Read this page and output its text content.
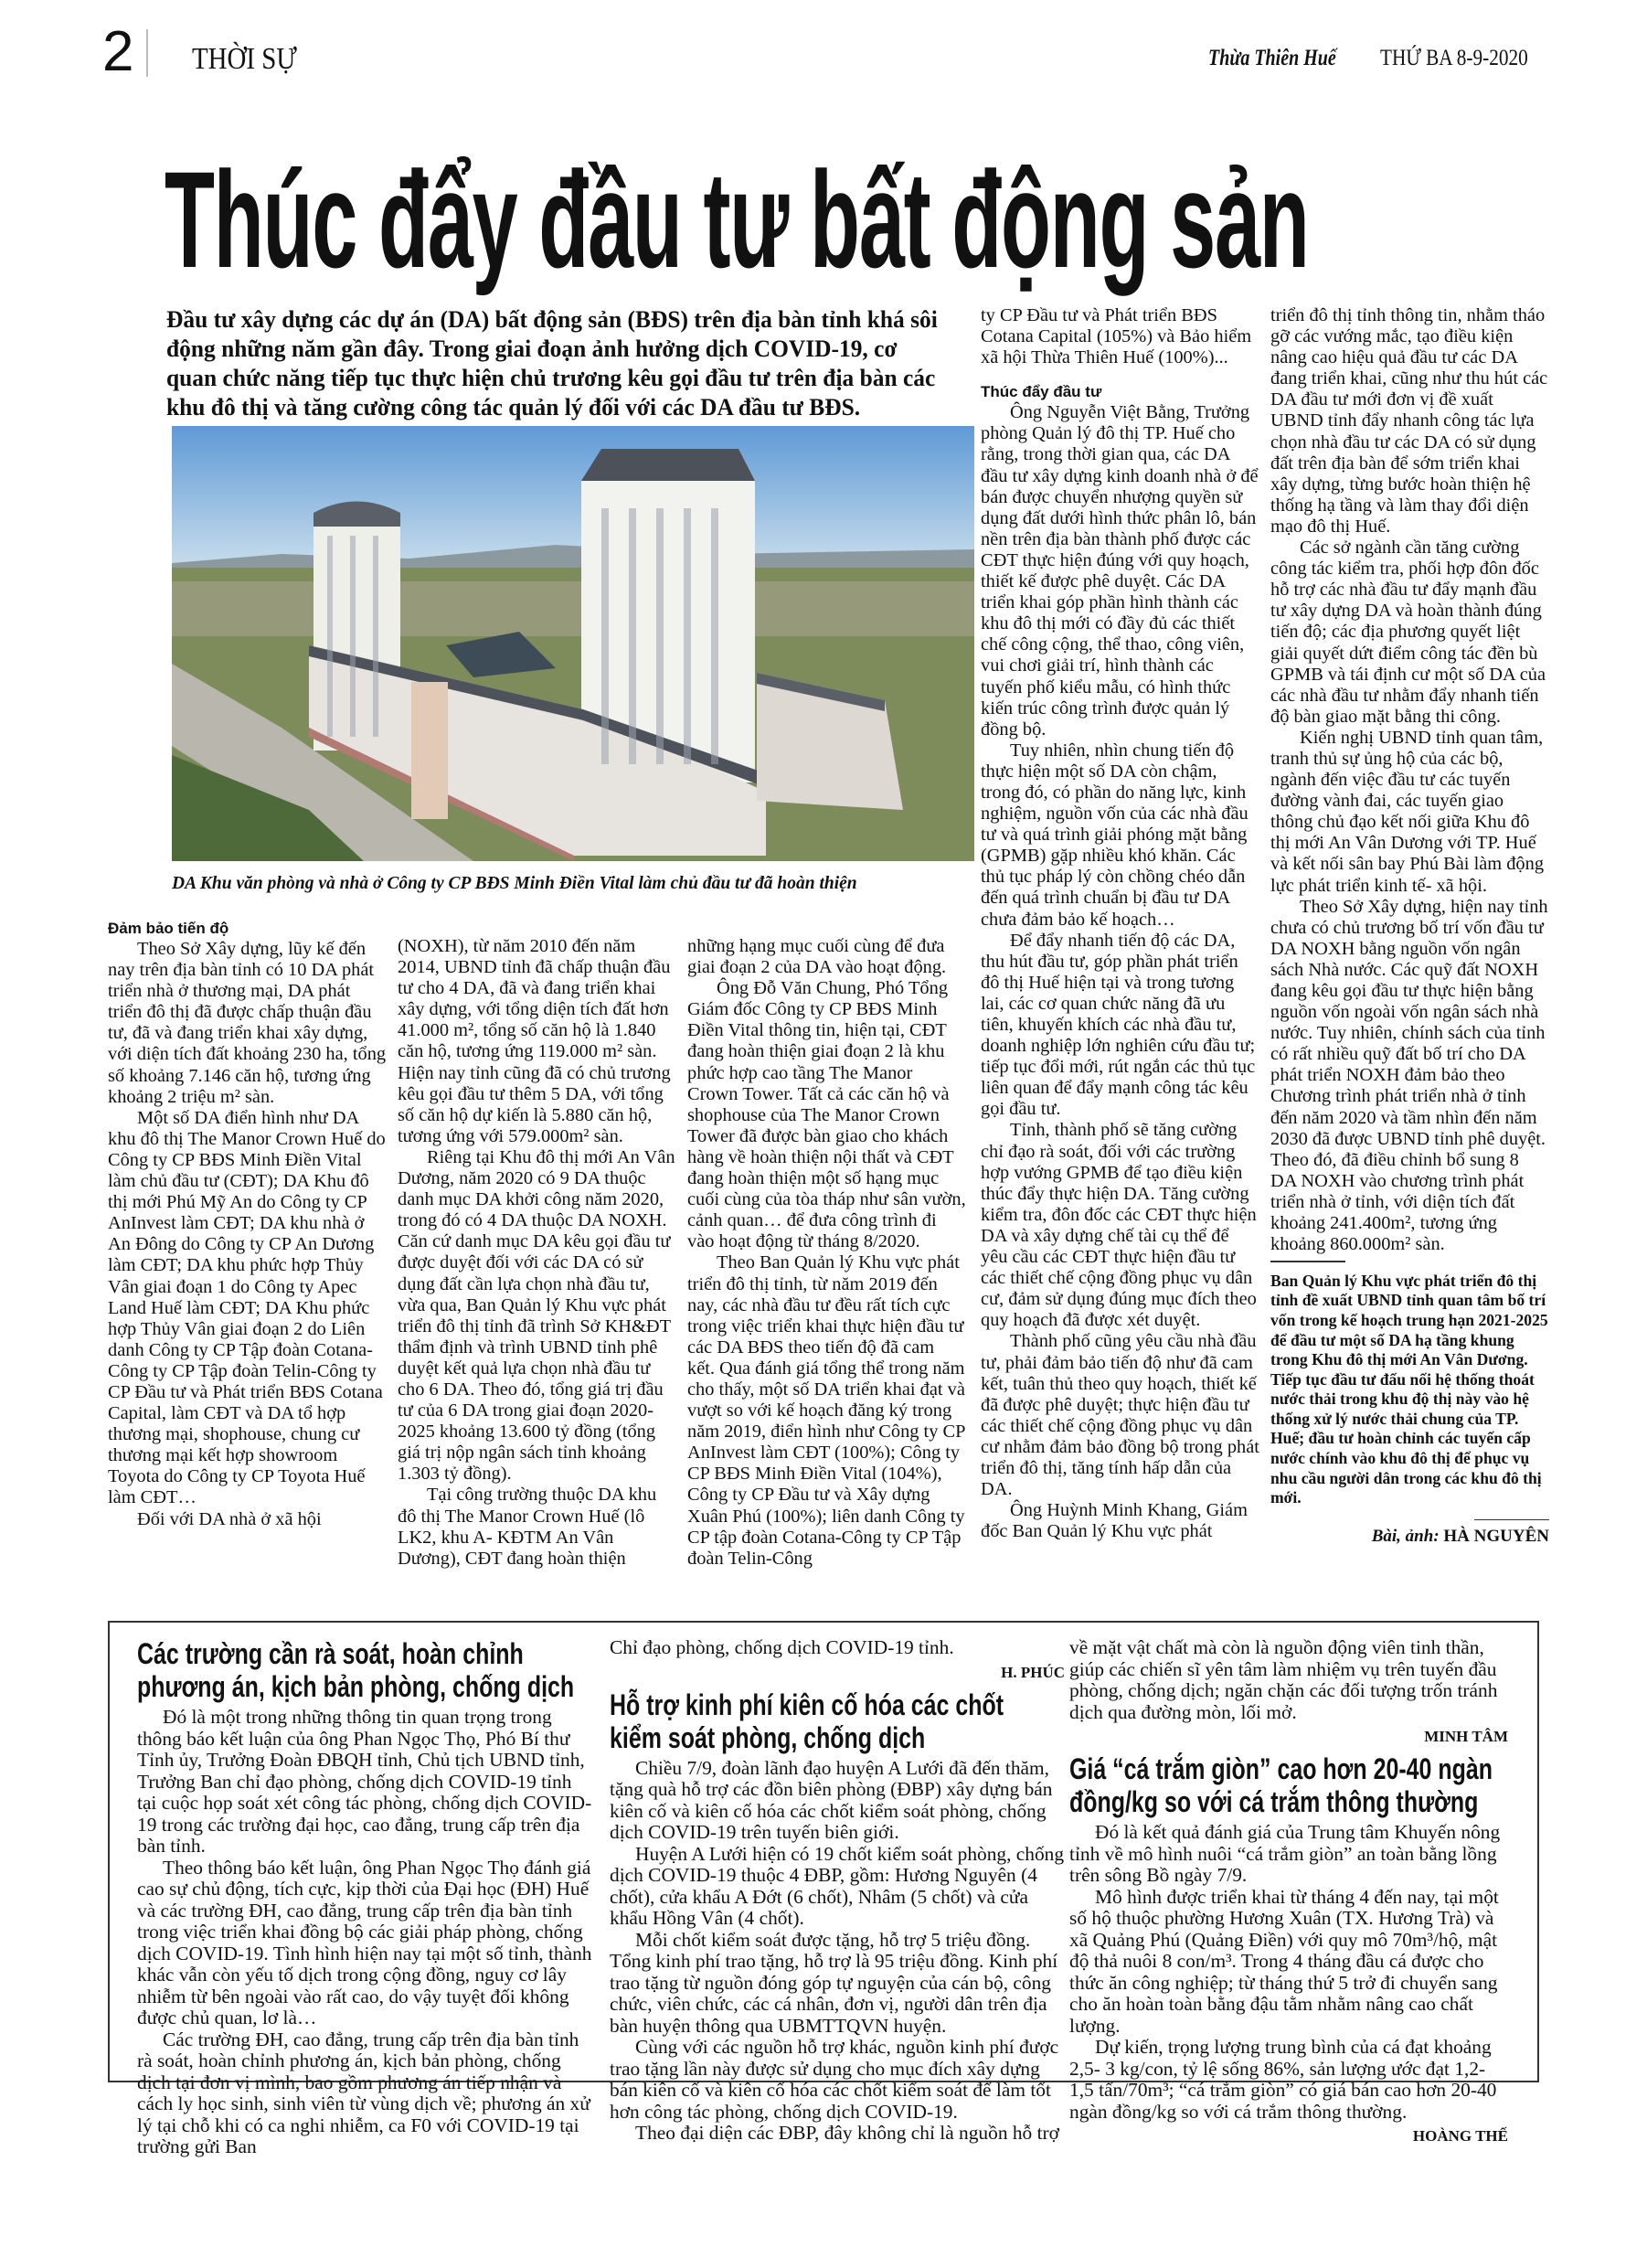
2 THỜI SỰ	Thừa Thiên Huế THỨ BA 8-9-2020
Thúc đẩy đầu tư bất động sản
Đầu tư xây dựng các dự án (DA) bất động sản (BĐS) trên địa bàn tỉnh khá sôi động những năm gần đây. Trong giai đoạn ảnh hưởng dịch COVID-19, cơ quan chức năng tiếp tục thực hiện chủ trương kêu gọi đầu tư trên địa bàn các khu đô thị và tăng cường công tác quản lý đối với các DA đầu tư BĐS.
DA Khu văn phòng và nhà ở Công ty CP BĐS Minh Điền Vital làm chủ đầu tư đã hoàn thiện

Đảm bảo tiến độ

Theo Sở Xây dựng, lũy kế đến nay trên địa bàn tỉnh có 10 DA phát triển nhà ở thương mại, DA phát triển đô thị đã được chấp thuận đầu tư, đã và đang triển khai xây dựng, với diện tích đất khoảng 230 ha, tổng số khoảng 7.146 căn hộ, tương ứng khoảng 2 triệu m² sàn.

Một số DA điển hình như DA khu đô thị The Manor Crown Huế do Công ty CP BĐS Minh Điền Vital làm chủ đầu tư (CĐT); DA Khu đô thị mới Phú Mỹ An do Công ty CP AnInvest làm CĐT; DA khu nhà ở An Đông do Công ty CP An Dương làm CĐT; DA khu phức hợp Thủy Vân giai đoạn 1 do Công ty Apec Land Huế làm CĐT; DA Khu phức hợp Thủy Vân giai đoạn 2 do Liên danh Công ty CP Tập đoàn Cotana-Công ty CP Tập đoàn Telin-Công ty CP Đầu tư và Phát triển BĐS Cotana Capital, làm CĐT và DA tổ hợp thương mại, shophouse, chung cư thương mại kết hợp showroom Toyota do Công ty CP Toyota Huế làm CĐT…

Đối với DA nhà ở xã hội

(NOXH), từ năm 2010 đến năm 2014, UBND tỉnh đã chấp thuận đầu tư cho 4 DA, đã và đang triển khai xây dựng, với tổng diện tích đất hơn 41.000 m², tổng số căn hộ là 1.840 căn hộ, tương ứng 119.000 m² sàn. Hiện nay tỉnh cũng đã có chủ trương kêu gọi đầu tư thêm 5 DA, với tổng số căn hộ dự kiến là 5.880 căn hộ, tương ứng với 579.000m² sàn.

Riêng tại Khu đô thị mới An Vân Dương, năm 2020 có 9 DA thuộc danh mục DA khởi công năm 2020, trong đó có 4 DA thuộc DA NOXH. Căn cứ danh mục DA kêu gọi đầu tư được duyệt đối với các DA có sử dụng đất cần lựa chọn nhà đầu tư, vừa qua, Ban Quản lý Khu vực phát triển đô thị tỉnh đã trình Sở KH&ĐT thẩm định và trình UBND tỉnh phê duyệt kết quả lựa chọn nhà đầu tư cho 6 DA. Theo đó, tổng giá trị đầu tư của 6 DA trong giai đoạn 2020-2025 khoảng 13.600 tỷ đồng (tổng giá trị nộp ngân sách tỉnh khoảng 1.303 tỷ đồng).

Tại công trường thuộc DA khu đô thị The Manor Crown Huế (lô LK2, khu A- KĐTM An Vân Dương), CĐT đang hoàn thiện

những hạng mục cuối cùng để đưa giai đoạn 2 của DA vào hoạt động.

Ông Đỗ Văn Chung, Phó Tổng Giám đốc Công ty CP BĐS Minh Điền Vital thông tin, hiện tại, CĐT đang hoàn thiện giai đoạn 2 là khu phức hợp cao tầng The Manor Crown Tower. Tất cả các căn hộ và shophouse của The Manor Crown Tower đã được bàn giao cho khách hàng về hoàn thiện nội thất và CĐT đang hoàn thiện một số hạng mục cuối cùng của tòa tháp như sân vườn, cảnh quan… để đưa công trình đi vào hoạt động từ tháng 8/2020.

Theo Ban Quản lý Khu vực phát triển đô thị tỉnh, từ năm 2019 đến nay, các nhà đầu tư đều rất tích cực trong việc triển khai thực hiện đầu tư các DA BĐS theo tiến độ đã cam kết. Qua đánh giá tổng thể trong năm cho thấy, một số DA triển khai đạt và vượt so với kế hoạch đăng ký trong năm 2019, điển hình như Công ty CP AnInvest làm CĐT (100%); Công ty CP BĐS Minh Điền Vital (104%), Công ty CP Đầu tư và Xây dựng Xuân Phú (100%); liên danh Công ty CP tập đoàn Cotana-Công ty CP Tập đoàn Telin-Công

ty CP Đầu tư và Phát triển BĐS Cotana Capital (105%) và Bảo hiểm xã hội Thừa Thiên Huế (100%)...

Thúc đẩy đầu tư

Ông Nguyễn Việt Bằng, Trưởng phòng Quản lý đô thị TP. Huế cho rằng, trong thời gian qua, các DA đầu tư xây dựng kinh doanh nhà ở để bán được chuyển nhượng quyền sử dụng đất dưới hình thức phân lô, bán nền trên địa bàn thành phố được các CĐT thực hiện đúng với quy hoạch, thiết kế được phê duyệt. Các DA triển khai góp phần hình thành các khu đô thị mới có đầy đủ các thiết chế công cộng, thể thao, công viên, vui chơi giải trí, hình thành các tuyến phố kiểu mẫu, có hình thức kiến trúc công trình được quản lý đồng bộ.

Tuy nhiên, nhìn chung tiến độ thực hiện một số DA còn chậm, trong đó, có phần do năng lực, kinh nghiệm, nguồn vốn của các nhà đầu tư và quá trình giải phóng mặt bằng (GPMB) gặp nhiều khó khăn. Các thủ tục pháp lý còn chồng chéo dẫn đến quá trình chuẩn bị đầu tư DA chưa đảm bảo kế hoạch…

Để đẩy nhanh tiến độ các DA, thu hút đầu tư, góp phần phát triển đô thị Huế hiện tại và trong tương lai, các cơ quan chức năng đã ưu tiên, khuyến khích các nhà đầu tư, doanh nghiệp lớn nghiên cứu đầu tư; tiếp tục đổi mới, rút ngắn các thủ tục liên quan để đẩy mạnh công tác kêu gọi đầu tư.

Tỉnh, thành phố sẽ tăng cường chỉ đạo rà soát, đối với các trường hợp vướng GPMB để tạo điều kiện thúc đẩy thực hiện DA. Tăng cường kiểm tra, đôn đốc các CĐT thực hiện DA và xây dựng chế tài cụ thể để yêu cầu các CĐT thực hiện đầu tư các thiết chế cộng đồng phục vụ dân cư, đảm sử dụng đúng mục đích theo quy hoạch đã được xét duyệt.

Thành phố cũng yêu cầu nhà đầu tư, phải đảm bảo tiến độ như đã cam kết, tuân thủ theo quy hoạch, thiết kế đã được phê duyệt; thực hiện đầu tư các thiết chế cộng đồng phục vụ dân cư nhằm đảm bảo đồng bộ trong phát triển đô thị, tăng tính hấp dẫn của DA.

Ông Huỳnh Minh Khang, Giám đốc Ban Quản lý Khu vực phát

triển đô thị tỉnh thông tin, nhằm tháo gỡ các vướng mắc, tạo điều kiện nâng cao hiệu quả đầu tư các DA đang triển khai, cũng như thu hút các DA đầu tư mới đơn vị đề xuất UBND tỉnh đẩy nhanh công tác lựa chọn nhà đầu tư các DA có sử dụng đất trên địa bàn để sớm triển khai xây dựng, từng bước hoàn thiện hệ thống hạ tầng và làm thay đổi diện mạo đô thị Huế.

Các sở ngành cần tăng cường công tác kiểm tra, phối hợp đôn đốc hỗ trợ các nhà đầu tư đẩy mạnh đầu tư xây dựng DA và hoàn thành đúng tiến độ; các địa phương quyết liệt giải quyết dứt điểm công tác đền bù GPMB và tái định cư một số DA của các nhà đầu tư nhằm đẩy nhanh tiến độ bàn giao mặt bằng thi công.

Kiến nghị UBND tỉnh quan tâm, tranh thủ sự ủng hộ của các bộ, ngành đến việc đầu tư các tuyến đường vành đai, các tuyến giao thông chủ đạo kết nối giữa Khu đô thị mới An Vân Dương với TP. Huế và kết nối sân bay Phú Bài làm động lực phát triển kinh tế- xã hội.

Theo Sở Xây dựng, hiện nay tỉnh chưa có chủ trương bố trí vốn đầu tư DA NOXH bằng nguồn vốn ngân sách Nhà nước. Các quỹ đất NOXH đang kêu gọi đầu tư thực hiện bằng nguồn vốn ngoài vốn ngân sách nhà nước. Tuy nhiên, chính sách của tỉnh có rất nhiều quỹ đất bố trí cho DA phát triển NOXH đảm bảo theo Chương trình phát triển nhà ở tỉnh đến năm 2020 và tầm nhìn đến năm 2030 đã được UBND tỉnh phê duyệt. Theo đó, đã điều chỉnh bổ sung 8 DA NOXH vào chương trình phát triển nhà ở tỉnh, với diện tích đất khoảng 241.400m², tương ứng khoảng 860.000m² sàn.

Ban Quản lý Khu vực phát triển đô thị tỉnh đề xuất UBND tỉnh quan tâm bố trí vốn trong kế hoạch trung hạn 2021-2025 để đầu tư một số DA hạ tầng khung trong Khu đô thị mới An Vân Dương. Tiếp tục đầu tư đấu nối hệ thống thoát nước thải trong khu độ thị này vào hệ thống xử lý nước thải chung của TP. Huế; đầu tư hoàn chỉnh các tuyến cấp nước chính vào khu đô thị để phục vụ nhu cầu người dân trong các khu đô thị mới.
Bài, ảnh: HÀ NGUYÊN
Các trường cần rà soát, hoàn chỉnh phương án, kịch bản phòng, chống dịch

Đó là một trong những thông tin quan trọng trong thông báo kết luận của ông Phan Ngọc Thọ, Phó Bí thư Tỉnh ủy, Trưởng Đoàn ĐBQH tỉnh, Chủ tịch UBND tỉnh, Trưởng Ban chỉ đạo phòng, chống dịch COVID-19 tỉnh tại cuộc họp soát xét công tác phòng, chống dịch COVID-19 trong các trường đại học, cao đẳng, trung cấp trên địa bàn tỉnh.

Theo thông báo kết luận, ông Phan Ngọc Thọ đánh giá cao sự chủ động, tích cực, kịp thời của Đại học (ĐH) Huế và các trường ĐH, cao đẳng, trung cấp trên địa bàn tỉnh trong việc triển khai đồng bộ các giải pháp phòng, chống dịch COVID-19. Tình hình hiện nay tại một số tỉnh, thành khác vẫn còn yếu tố dịch trong cộng đồng, nguy cơ lây nhiễm từ bên ngoài vào rất cao, do vậy tuyệt đối không được chủ quan, lơ là…

Các trường ĐH, cao đẳng, trung cấp trên địa bàn tỉnh rà soát, hoàn chỉnh phương án, kịch bản phòng, chống dịch tại đơn vị mình, bao gồm phương án tiếp nhận và cách ly học sinh, sinh viên từ vùng dịch về; phương án xử lý tại chỗ khi có ca nghi nhiễm, ca F0 với COVID-19 tại trường gửi Ban

Chỉ đạo phòng, chống dịch COVID-19 tỉnh.

H. PHÚC
Hỗ trợ kinh phí kiên cố hóa các chốt kiểm soát phòng, chống dịch

Chiều 7/9, đoàn lãnh đạo huyện A Lưới đã đến thăm, tặng quà hỗ trợ các đồn biên phòng (ĐBP) xây dựng bán kiên cố và kiên cố hóa các chốt kiểm soát phòng, chống dịch COVID-19 trên tuyến biên giới.

Huyện A Lưới hiện có 19 chốt kiểm soát phòng, chống dịch COVID-19 thuộc 4 ĐBP, gồm: Hương Nguyên (4 chốt), cửa khẩu A Đớt (6 chốt), Nhâm (5 chốt) và cửa khẩu Hồng Vân (4 chốt).

Mỗi chốt kiểm soát được tặng, hỗ trợ 5 triệu đồng. Tổng kinh phí trao tặng, hỗ trợ là 95 triệu đồng. Kinh phí trao tặng từ nguồn đóng góp tự nguyện của cán bộ, công chức, viên chức, các cá nhân, đơn vị, người dân trên địa bàn huyện thông qua UBMTTQVN huyện.

Cùng với các nguồn hỗ trợ khác, nguồn kinh phí được trao tặng lần này được sử dụng cho mục đích xây dựng bán kiên cố và kiên cố hóa các chốt kiểm soát để làm tốt hơn công tác phòng, chống dịch COVID-19.

Theo đại diện các ĐBP, đây không chỉ là nguồn hỗ trợ

về mặt vật chất mà còn là nguồn động viên tinh thần, giúp các chiến sĩ yên tâm làm nhiệm vụ trên tuyến đầu phòng, chống dịch; ngăn chặn các đối tượng trốn tránh dịch qua đường mòn, lối mở.

MINH TÂM
Giá “cá trắm giòn” cao hơn 20-40 ngàn đồng/kg so với cá trắm thông thường

Đó là kết quả đánh giá của Trung tâm Khuyến nông tỉnh về mô hình nuôi “cá trắm giòn” an toàn bằng lồng trên sông Bồ ngày 7/9.

Mô hình được triển khai từ tháng 4 đến nay, tại một số hộ thuộc phường Hương Xuân (TX. Hương Trà) và xã Quảng Phú (Quảng Điền) với quy mô 70m³/hộ, mật độ thả nuôi 8 con/m³. Trong 4 tháng đầu cá được cho thức ăn công nghiệp; từ tháng thứ 5 trở đi chuyển sang cho ăn hoàn toàn bằng đậu tằm nhằm nâng cao chất lượng.

Dự kiến, trọng lượng trung bình của cá đạt khoảng 2,5- 3 kg/con, tỷ lệ sống 86%, sản lượng ước đạt 1,2-1,5 tấn/70m³; “cá trắm giòn” có giá bán cao hơn 20-40 ngàn đồng/kg so với cá trắm thông thường.

HOÀNG THẾ
